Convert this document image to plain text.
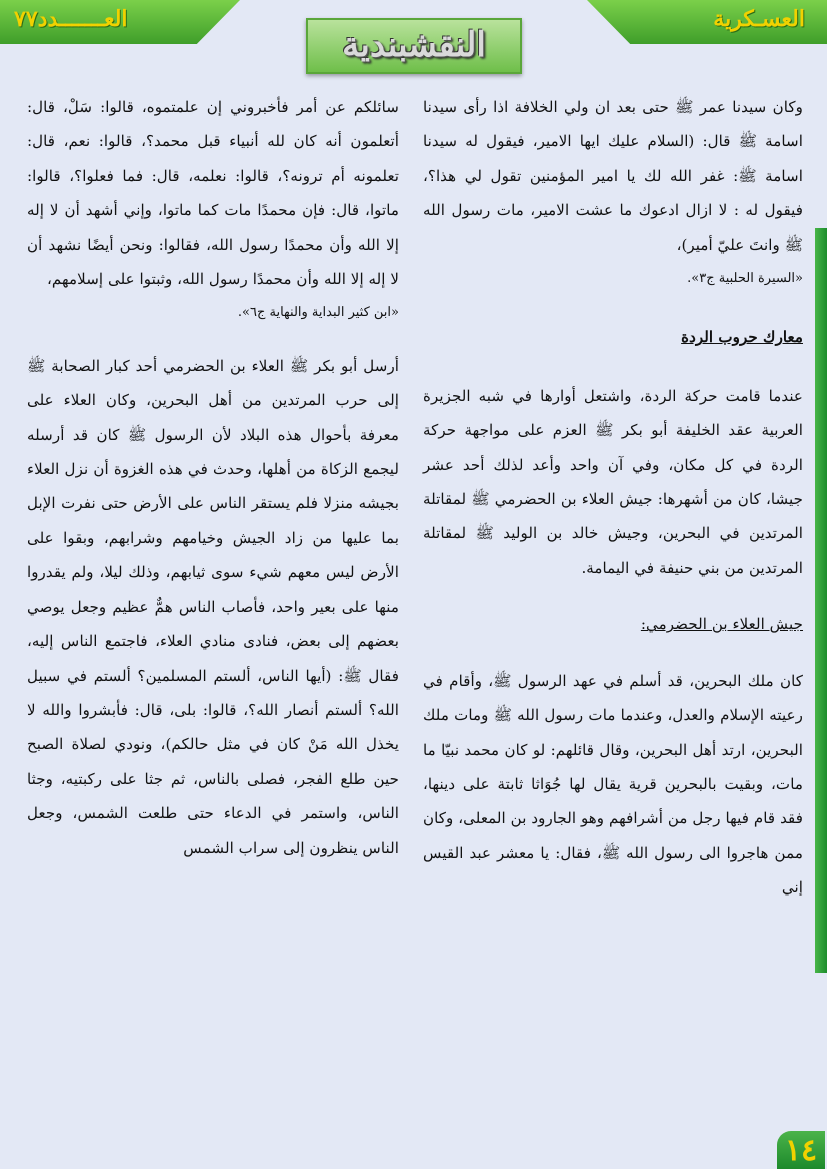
العـــــــدد٧٧	العسـكرية
النقشبندية

وكان سيدنا عمر ﷺ حتى بعد ان ولي الخلافة اذا رأى سيدنا اسامة ﷺ قال: (السلام عليك ايها الامير، فيقول له سيدنا اسامة ﷺ: غفر الله لك يا امير المؤمنين تقول لي هذا؟، فيقول له : لا ازال ادعوك ما عشت الامير، مات رسول الله ﷺ وانتَ عليّ أمير)،

«السيرة الحلبية ج٣».

معارك حروب الردة

عندما قامت حركة الردة، واشتعل أوارها في شبه الجزيرة العربية عقد الخليفة أبو بكر ﷺ العزم على مواجهة حركة الردة في كل مكان، وفي آن واحد وأعد لذلك أحد عشر جيشا، كان من أشهرها: جيش العلاء بن الحضرمي ﷺ لمقاتلة المرتدين في البحرين، وجيش خالد بن الوليد ﷺ لمقاتلة المرتدين من بني حنيفة في اليمامة.

جيش العلاء بن الحضرمي:

كان ملك البحرين، قد أسلم في عهد الرسول ﷺ، وأقام في رعيته الإسلام والعدل، وعندما مات رسول الله ﷺ ومات ملك البحرين، ارتد أهل البحرين، وقال قائلهم: لو كان محمد نبيّا ما مات، وبقيت بالبحرين قرية يقال لها جُوَاثا ثابتة على دينها، فقد قام فيها رجل من أشرافهم وهو الجارود بن المعلى، وكان ممن هاجروا الى رسول الله ﷺ، فقال: يا معشر عبد القيس إني

سائلكم عن أمر فأخبروني إن علمتموه، قالوا: سَلْ، قال: أتعلمون أنه كان لله أنبياء قبل محمد؟، قالوا: نعم، قال: تعلمونه أم ترونه؟، قالوا: نعلمه، قال: فما فعلوا؟، قالوا: ماتوا، قال: فإن محمدًا مات كما ماتوا، وإني أشهد أن لا إله إلا الله وأن محمدًا رسول الله، فقالوا: ونحن أيضًا نشهد أن لا إله إلا الله وأن محمدًا رسول الله، وثبتوا على إسلامهم،

«ابن كثير البداية والنهاية ج٦».

أرسل أبو بكر ﷺ العلاء بن الحضرمي أحد كبار الصحابة ﷺ إلى حرب المرتدين من أهل البحرين، وكان العلاء على معرفة بأحوال هذه البلاد لأن الرسول ﷺ كان قد أرسله ليجمع الزكاة من أهلها، وحدث في هذه الغزوة أن نزل العلاء بجيشه منزلا فلم يستقر الناس على الأرض حتى نفرت الإبل بما عليها من زاد الجيش وخيامهم وشرابهم، وبقوا على الأرض ليس معهم شيء سوى ثيابهم، وذلك ليلا، ولم يقدروا منها على بعير واحد، فأصاب الناس همٌّ عظيم وجعل يوصي بعضهم إلى بعض، فنادى منادي العلاء، فاجتمع الناس إليه، فقال ﷺ: (أيها الناس، ألستم المسلمين؟ ألستم في سبيل الله؟ ألستم أنصار الله؟، قالوا: بلى، قال: فأبشروا والله لا يخذل الله مَنْ كان في مثل حالكم)، ونودي لصلاة الصبح حين طلع الفجر، فصلى بالناس، ثم جثا على ركبتيه، وجثا الناس، واستمر في الدعاء حتى طلعت الشمس، وجعل الناس ينظرون إلى سراب الشمس

١٤
